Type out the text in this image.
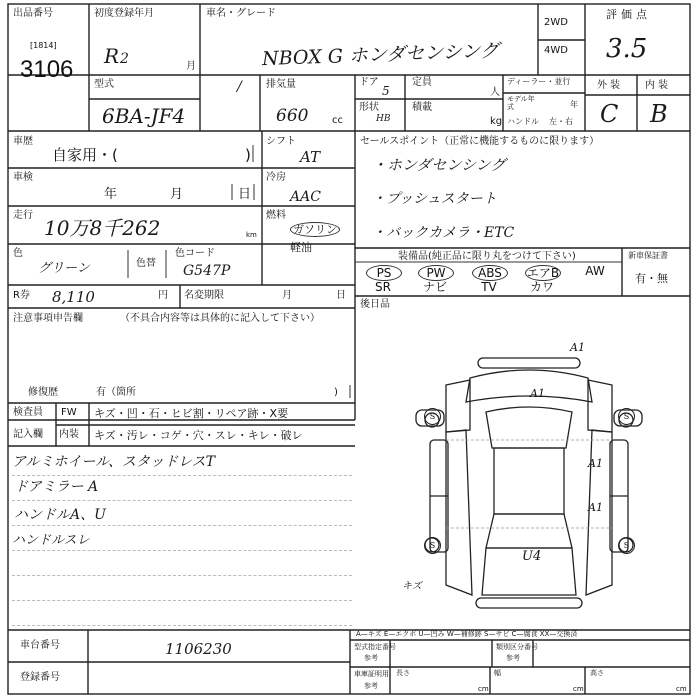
出品番号
[1814]
3106
初度登録年月
R 2	月
車名・グレード
NBOX G ホンダセンシング
2WD
4WD
評価点
3.5
型式	/
6BA-JF4
排気量
660 cc
ドア
5
定員
人
形状
HB
積載
kg
ディーラー・並行
モデル年式	年
ハンドル 左・右
外装 内装
C B
車歴
自家用・(	)
シフト
AT
車検
年	月	日
冷房
AAC
走行
10万8千262	km
燃料
ガソリン
軽油
色
グリーン	色替
色コード
G547P
R券 8,110	円 名変期限	月	日
注意事項申告欄	（不具合内容等は具体的に記入して下さい）
修復歴	有（箇所	)
検査員
記入欄
FW キズ・凹・石・ヒビ割・リペア跡・X要
内装 キズ・汚レ・コゲ・穴・スレ・キレ・破レ
アルミホイール、スタッドレスT
ドアミラー A
ハンドルA、U
ハンドルスレ
セールスポイント（正常に機能するものに限ります）
・ホンダセンシング
・プッシュスタート
・バックカメラ・ETC
装備品(純正品に限り丸をつけて下さい)	新車保証書
有・無
PS	PW	ABS	エアB	AW
SR	ナビ	TV	カワ
後日品
A1
A1
S	S
A1
A1
S
U4
キズ
S
A—キズ E—エクボ U—凹み W—補修跡 S—サビ C—腐食 XX—交換済
車台番号	1106230
登録番号
型式指定番号
参考
類別区分番号
参考
車庫証明用
参考
長さ
cm
幅
cm
高さ
cm
